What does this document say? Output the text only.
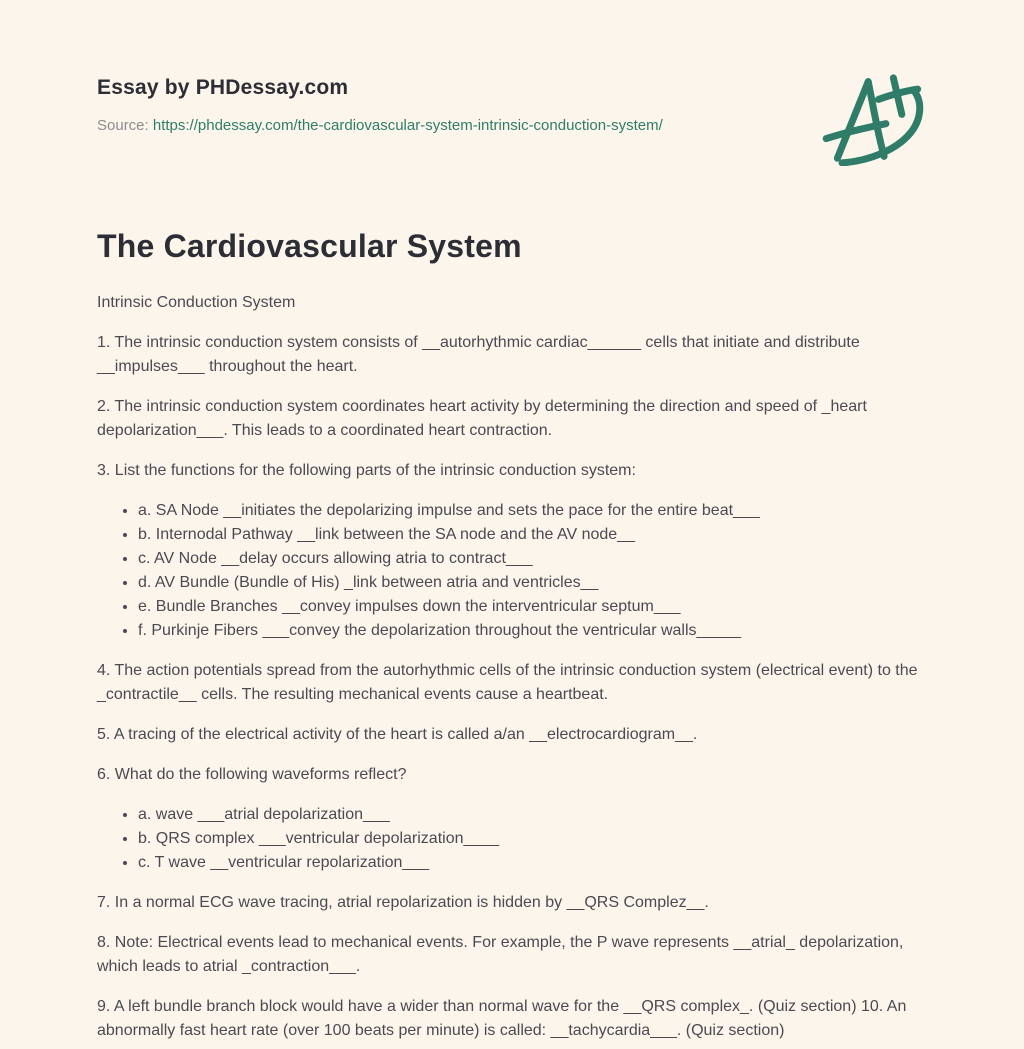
Essay by PHDessay.com
Source: https://phdessay.com/the-cardiovascular-system-intrinsic-conduction-system/
The Cardiovascular System

Intrinsic Conduction System

1. The intrinsic conduction system consists of __autorhythmic cardiac______ cells that initiate and distribute __impulses___ throughout the heart.

2. The intrinsic conduction system coordinates heart activity by determining the direction and speed of _heart depolarization___. This leads to a coordinated heart contraction.

3. List the functions for the following parts of the intrinsic conduction system:

• a. SA Node __initiates the depolarizing impulse and sets the pace for the entire beat___
• b. Internodal Pathway __link between the SA node and the AV node__
• c. AV Node __delay occurs allowing atria to contract___
• d. AV Bundle (Bundle of His) _link between atria and ventricles__
• e. Bundle Branches __convey impulses down the interventricular septum___
• f. Purkinje Fibers ___convey the depolarization throughout the ventricular walls_____

4. The action potentials spread from the autorhythmic cells of the intrinsic conduction system (electrical event) to the _contractile__ cells. The resulting mechanical events cause a heartbeat.

5. A tracing of the electrical activity of the heart is called a/an __electrocardiogram__.

6. What do the following waveforms reflect?

• a. wave ___atrial depolarization___
• b. QRS complex ___ventricular depolarization____
• c. T wave __ventricular repolarization___

7. In a normal ECG wave tracing, atrial repolarization is hidden by __QRS Complez__.

8. Note: Electrical events lead to mechanical events. For example, the P wave represents __atrial_ depolarization, which leads to atrial _contraction___.

9. A left bundle branch block would have a wider than normal wave for the __QRS complex_. (Quiz section) 10. An abnormally fast heart rate (over 100 beats per minute) is called: __tachycardia___. (Quiz section)
